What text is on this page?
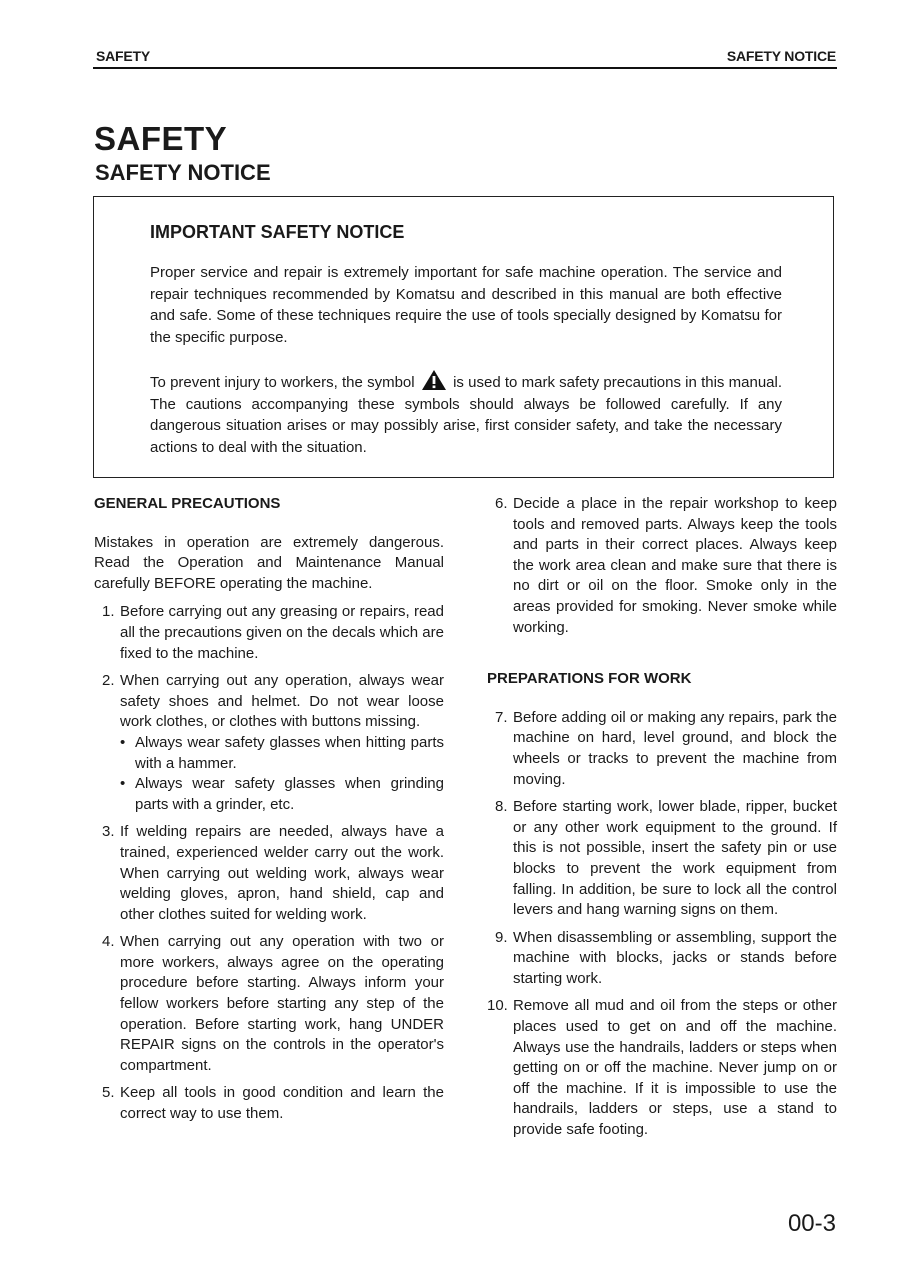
SAFETY	SAFETY NOTICE
SAFETY
SAFETY NOTICE
IMPORTANT SAFETY NOTICE

Proper service and repair is extremely important for safe machine operation. The service and repair techniques recommended by Komatsu and described in this manual are both effective and safe. Some of these techniques require the use of tools specially designed by Komatsu for the specific purpose.

To prevent injury to workers, the symbol	is used to mark safety precautions in this manual. The cautions accompanying these symbols should always be followed carefully. If any dangerous situation arises or may possibly arise, first consider safety, and take the necessary actions to deal with the situation.

GENERAL PRECAUTIONS

Mistakes in operation are extremely dangerous. Read the Operation and Maintenance Manual carefully BEFORE operating the machine.

1. Before carrying out any greasing or repairs, read all the precautions given on the decals which are fixed to the machine.
2. When carrying out any operation, always wear safety shoes and helmet. Do not wear loose work clothes, or clothes with buttons missing.
• Always wear safety glasses when hitting parts with a hammer.
• Always wear safety glasses when grinding parts with a grinder, etc.
3. If welding repairs are needed, always have a trained, experienced welder carry out the work. When carrying out welding work, always wear welding gloves, apron, hand shield, cap and other clothes suited for welding work.
4. When carrying out any operation with two or more workers, always agree on the operating procedure before starting. Always inform your fellow workers before starting any step of the operation. Before starting work, hang UNDER REPAIR signs on the controls in the operator's compartment.
5. Keep all tools in good condition and learn the correct way to use them.
6. Decide a place in the repair workshop to keep tools and removed parts. Always keep the tools and parts in their correct places. Always keep the work area clean and make sure that there is no dirt or oil on the floor. Smoke only in the areas provided for smoking. Never smoke while working.
PREPARATIONS FOR WORK
7. Before adding oil or making any repairs, park the machine on hard, level ground, and block the wheels or tracks to prevent the machine from moving.
8. Before starting work, lower blade, ripper, bucket or any other work equipment to the ground. If this is not possible, insert the safety pin or use blocks to prevent the work equipment from falling. In addition, be sure to lock all the control levers and hang warning signs on them.
9. When disassembling or assembling, support the machine with blocks, jacks or stands before starting work.
10. Remove all mud and oil from the steps or other places used to get on and off the machine. Always use the handrails, ladders or steps when getting on or off the machine. Never jump on or off the machine. If it is impossible to use the handrails, ladders or steps, use a stand to provide safe footing.
00-3
